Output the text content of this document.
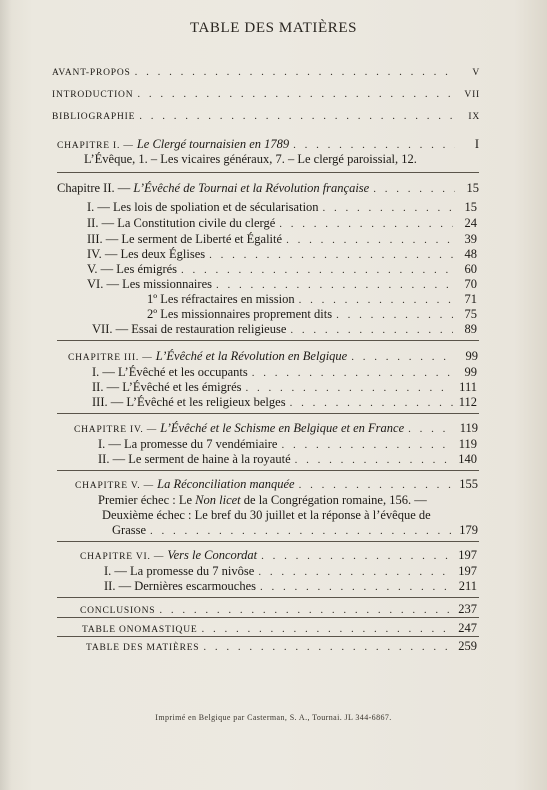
TABLE DES MATIÈRES
AVANT-PROPOS . . .	V
INTRODUCTION . . .	VII
BIBLIOGRAPHIE . . .	IX
CHAPITRE I. — Le Clergé tournaisien en 1789 . . .	I
L’Évêque, 1. – Les vicaires généraux, 7. – Le clergé paroissial, 12.
Chapitre II. — L’Évêché de Tournai et la Révolution française . . .	15
I. — Les lois de spoliation et de sécularisation . . .	15
II. — La Constitution civile du clergé . . .	24
III. — Le serment de Liberté et Égalité . . .	39
IV. — Les deux Églises . . .	48
V. — Les émigrés . . .	60
VI. — Les missionnaires . . .	70
1º Les réfractaires en mission . . .	71
2º Les missionnaires proprement dits . . .	75
VII. — Essai de restauration religieuse . . .	89
CHAPITRE III. — L’Évêché et la Révolution en Belgique . . .	99
I. — L’Évêché et les occupants . . .	99
II. — L’Évêché et les émigrés . . .	111
III. — L’Évêché et les religieux belges . . .	112
CHAPITRE IV. — L’Évêché et le Schisme en Belgique et en France . . .	119
I. — La promesse du 7 vendémiaire . . .	119
II. — Le serment de haine à la royauté . . .	140
CHAPITRE V. — La Réconciliation manquée . . .	155
Premier échec : Le Non licet de la Congrégation romaine, 156. —
Deuxième échec : Le bref du 30 juillet et la réponse à l’évêque de
Grasse . . .	179
CHAPITRE VI. — Vers le Concordat . . .	197
I. — La promesse du 7 nivôse . . .	197
II. — Dernières escarmouches . . .	211
CONCLUSIONS . . .	237
TABLE ONOMASTIQUE . . .	247
TABLE DES MATIÈRES . . .	259
Imprimé en Belgique par Casterman, S. A., Tournai. JL 344-6867.
